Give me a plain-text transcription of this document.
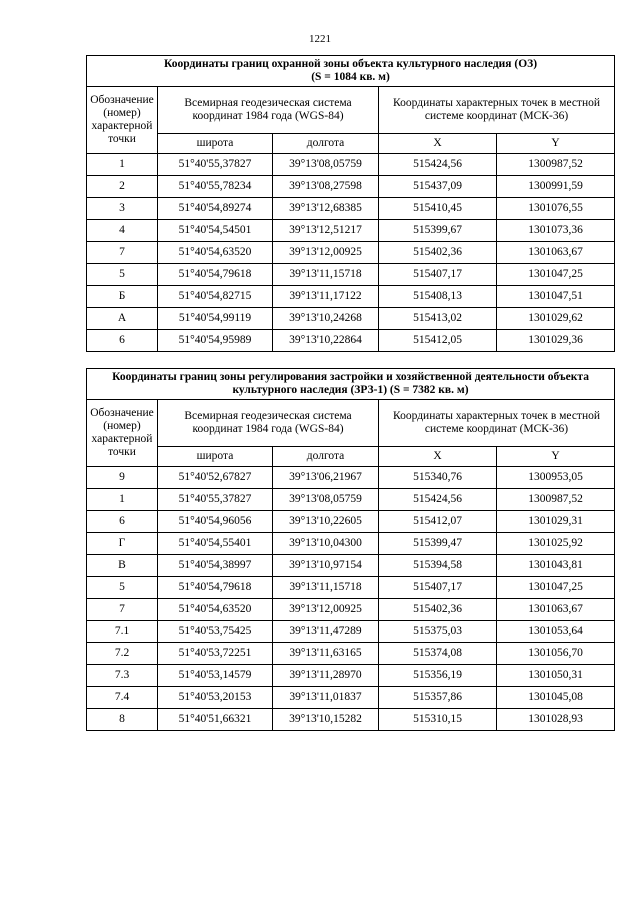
1221
Координаты границ охранной зоны объекта культурного наследия (ОЗ)
(S = 1084 кв. м)				
Обозначение (номер) характерной точки	Всемирная геодезическая система координат 1984 года (WGS-84)		Координаты характерных точек в местной системе координат (МСК-36)	
	широта	долгота	X	Y
1	51°40'55,37827	39°13'08,05759	515424,56	1300987,52
2	51°40'55,78234	39°13'08,27598	515437,09	1300991,59
3	51°40'54,89274	39°13'12,68385	515410,45	1301076,55
4	51°40'54,54501	39°13'12,51217	515399,67	1301073,36
7	51°40'54,63520	39°13'12,00925	515402,36	1301063,67
5	51°40'54,79618	39°13'11,15718	515407,17	1301047,25
Б	51°40'54,82715	39°13'11,17122	515408,13	1301047,51
А	51°40'54,99119	39°13'10,24268	515413,02	1301029,62
6	51°40'54,95989	39°13'10,22864	515412,05	1301029,36
Координаты границ зоны регулирования застройки и хозяйственной деятельности объекта культурного наследия (ЗРЗ-1) (S = 7382 кв. м)				
Обозначение (номер) характерной точки	Всемирная геодезическая система координат 1984 года (WGS-84)		Координаты характерных точек в местной системе координат (МСК-36)	
	широта	долгота	X	Y
9	51°40'52,67827	39°13'06,21967	515340,76	1300953,05
1	51°40'55,37827	39°13'08,05759	515424,56	1300987,52
6	51°40'54,96056	39°13'10,22605	515412,07	1301029,31
Г	51°40'54,55401	39°13'10,04300	515399,47	1301025,92
В	51°40'54,38997	39°13'10,97154	515394,58	1301043,81
5	51°40'54,79618	39°13'11,15718	515407,17	1301047,25
7	51°40'54,63520	39°13'12,00925	515402,36	1301063,67
7.1	51°40'53,75425	39°13'11,47289	515375,03	1301053,64
7.2	51°40'53,72251	39°13'11,63165	515374,08	1301056,70
7.3	51°40'53,14579	39°13'11,28970	515356,19	1301050,31
7.4	51°40'53,20153	39°13'11,01837	515357,86	1301045,08
8	51°40'51,66321	39°13'10,15282	515310,15	1301028,93
